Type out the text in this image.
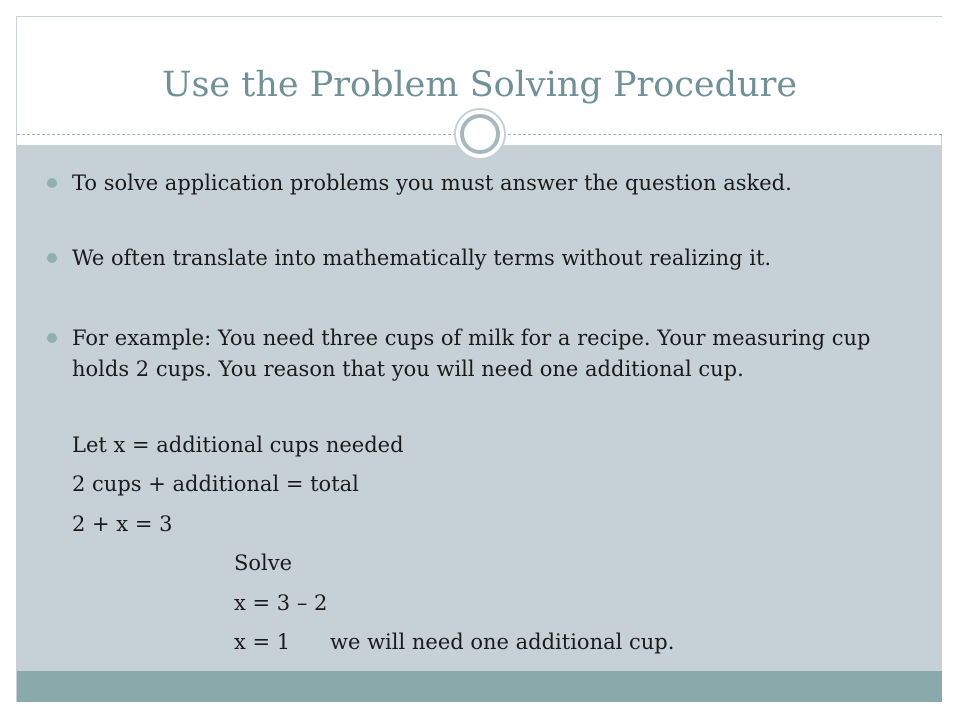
Use the Problem Solving Procedure
To solve application problems you must answer the question asked.
We often translate into mathematically terms without realizing it.
For example: You need three cups of milk for a recipe. Your measuring cup holds 2 cups. You reason that you will need one additional cup.
Let x = additional cups needed
2 cups + additional = total
2 + x = 3
Solve
x = 3 – 2
x = 1 we will need one additional cup.
